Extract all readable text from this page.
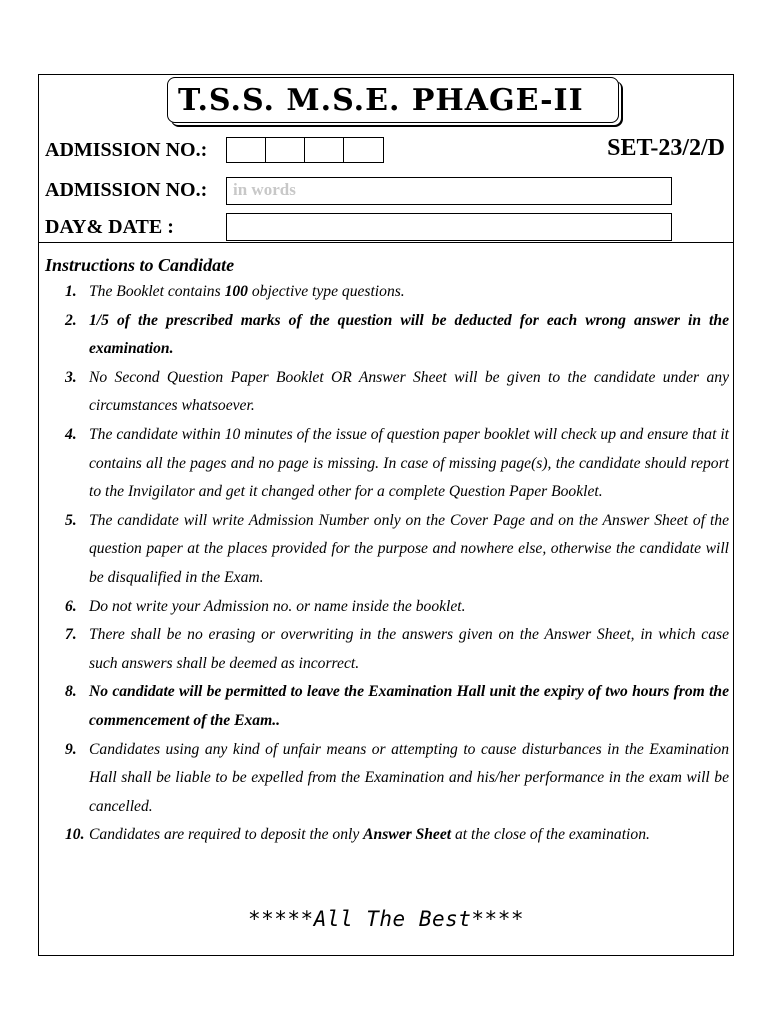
T.S.S. M.S.E. PHAGE-II
ADMISSION NO.:	SET-23/2/D
ADMISSION NO.: in words
DAY& DATE :
Instructions to Candidate
1. The Booklet contains 100 objective type questions.
2. 1/5 of the prescribed marks of the question will be deducted for each wrong answer in the examination.
3. No Second Question Paper Booklet OR Answer Sheet will be given to the candidate under any circumstances whatsoever.
4. The candidate within 10 minutes of the issue of question paper booklet will check up and ensure that it contains all the pages and no page is missing. In case of missing page(s), the candidate should report to the Invigilator and get it changed other for a complete Question Paper Booklet.
5. The candidate will write Admission Number only on the Cover Page and on the Answer Sheet of the question paper at the places provided for the purpose and nowhere else, otherwise the candidate will be disqualified in the Exam.
6. Do not write your Admission no. or name inside the booklet.
7. There shall be no erasing or overwriting in the answers given on the Answer Sheet, in which case such answers shall be deemed as incorrect.
8. No candidate will be permitted to leave the Examination Hall unit the expiry of two hours from the commencement of the Exam..
9. Candidates using any kind of unfair means or attempting to cause disturbances in the Examination Hall shall be liable to be expelled from the Examination and his/her performance in the exam will be cancelled.
10. Candidates are required to deposit the only Answer Sheet at the close of the examination.
*****All The Best****
